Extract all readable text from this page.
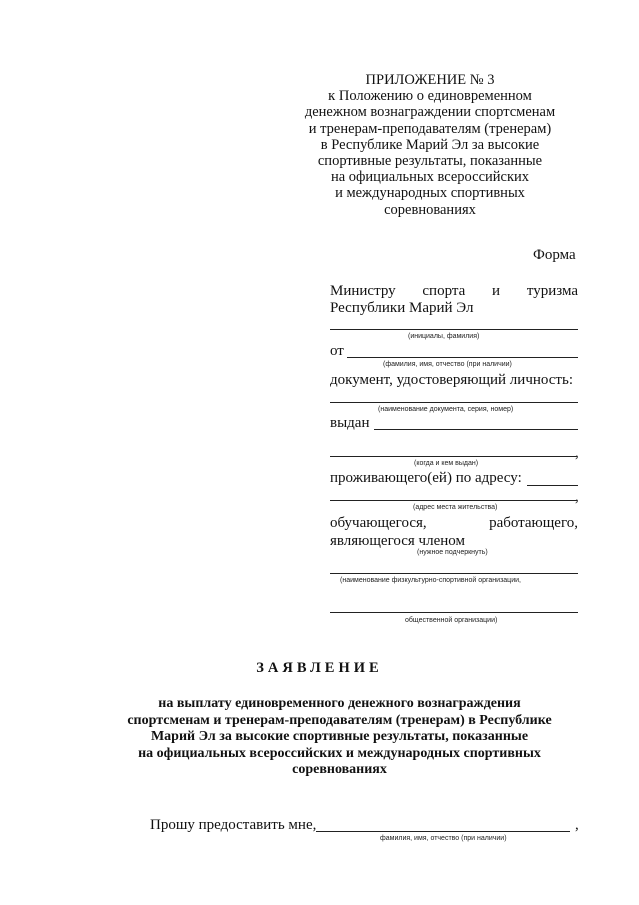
ПРИЛОЖЕНИЕ № 3
к Положению о единовременном
денежном вознаграждении спортсменам
и тренерам-преподавателям (тренерам)
в Республике Марий Эл за высокие
спортивные результаты, показанные
на официальных всероссийских
и международных спортивных
соревнованиях
Форма
Министру спорта и туризма
Республики Марий Эл
(инициалы, фамилия)
от
(фамилия, имя, отчество (при наличии)
документ, удостоверяющий личность:
(наименование документа, серия, номер)
выдан
,
(когда и кем выдан)
проживающего(ей) по адресу:
,
(адрес места жительства)
обучающегося,	работающего,
являющегося членом
(нужное подчеркнуть)
(наименование физкультурно-спортивной организации,
общественной организации)
ЗАЯВЛЕНИЕ
на выплату единовременного денежного вознаграждения
спортсменам и тренерам-преподавателям (тренерам) в Республике
Марий Эл за высокие спортивные результаты, показанные
на официальных всероссийских и международных спортивных
соревнованиях
Прошу предоставить мне,	,
фамилия, имя, отчество (при наличии)
